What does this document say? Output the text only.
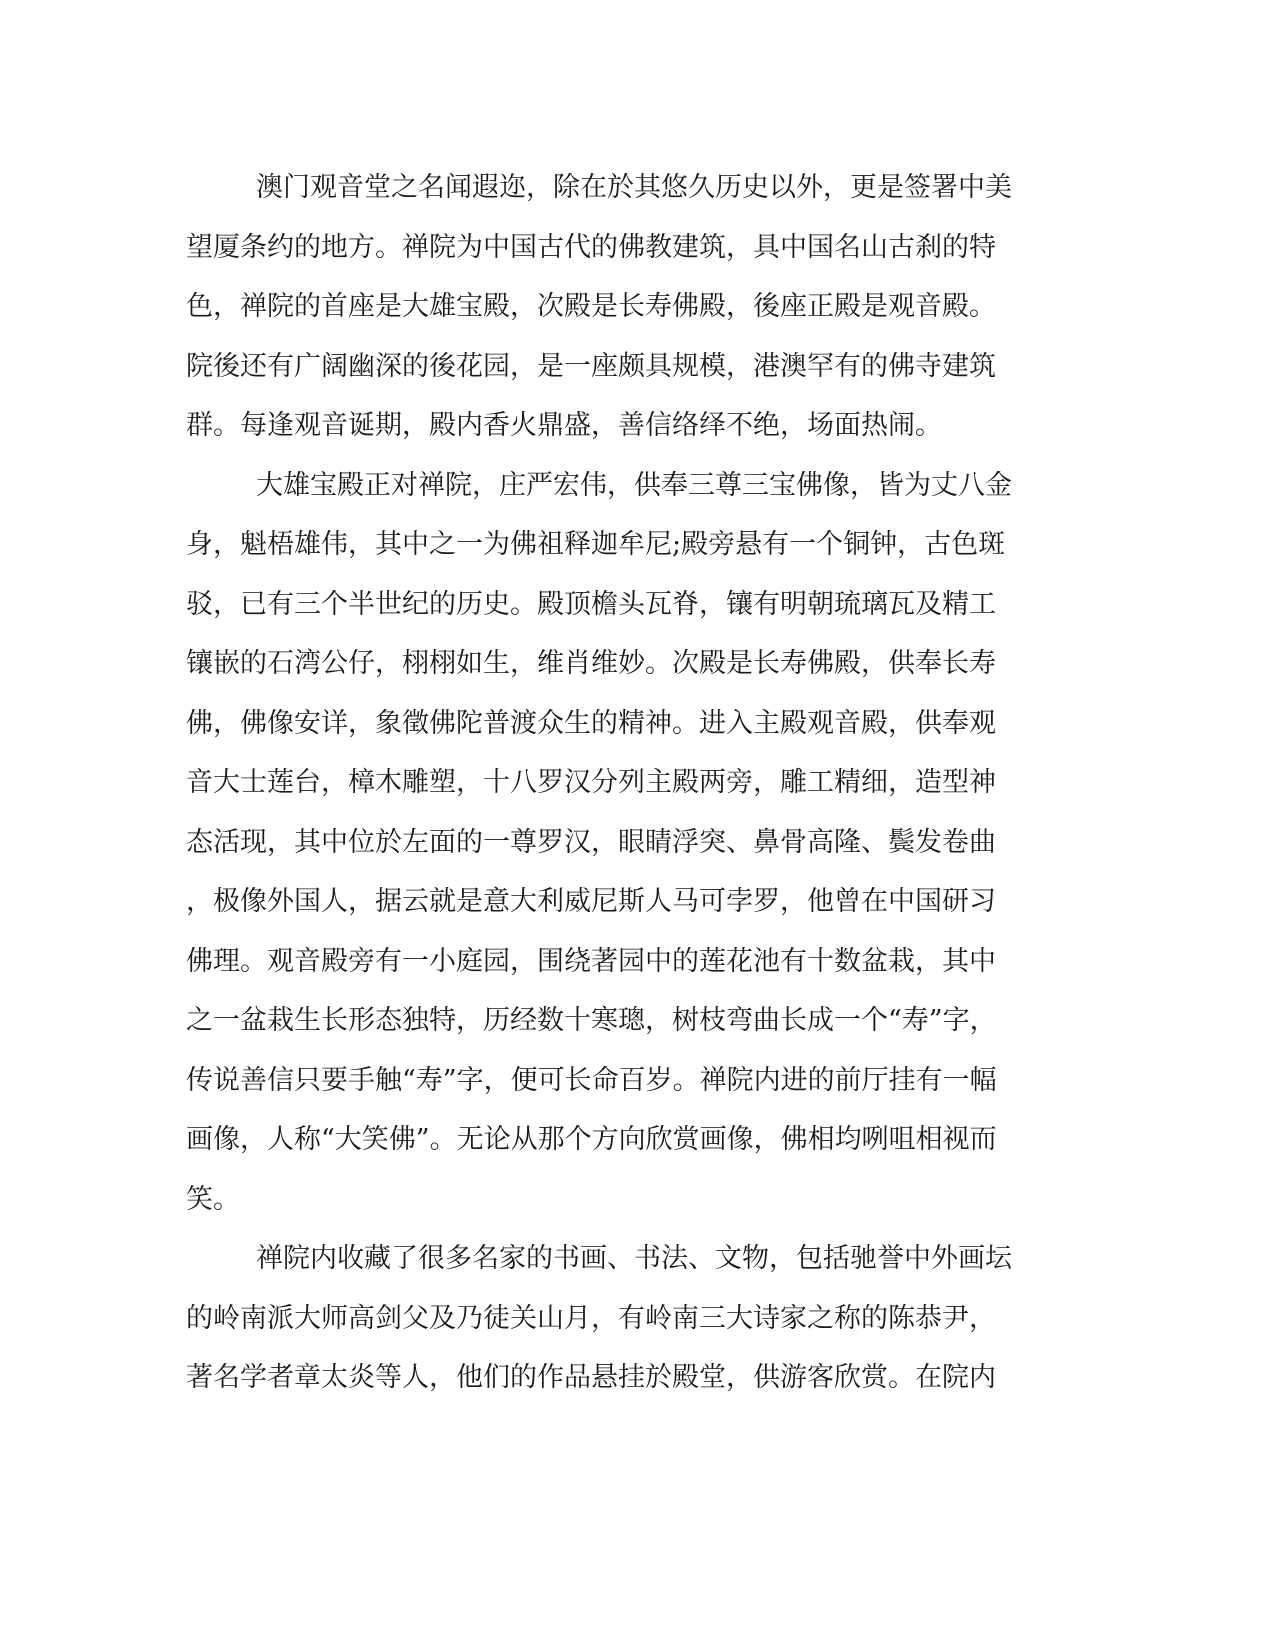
澳门观音堂之名闻遐迩，除在於其悠久历史以外，更是签署中美
望厦条约的地方。禅院为中国古代的佛教建筑，具中国名山古刹的特
色，禅院的首座是大雄宝殿，次殿是长寿佛殿，後座正殿是观音殿。
院後还有广阔幽深的後花园，是一座颇具规模，港澳罕有的佛寺建筑
群。每逢观音诞期，殿内香火鼎盛，善信络绎不绝，场面热闹。
大雄宝殿正对禅院，庄严宏伟，供奉三尊三宝佛像，皆为丈八金
身，魁梧雄伟，其中之一为佛祖释迦牟尼;殿旁悬有一个铜钟，古色斑
驳，已有三个半世纪的历史。殿顶檐头瓦脊，镶有明朝琉璃瓦及精工
镶嵌的石湾公仔，栩栩如生，维肖维妙。次殿是长寿佛殿，供奉长寿
佛，佛像安详，象徵佛陀普渡众生的精神。进入主殿观音殿，供奉观
音大士莲台，樟木雕塑，十八罗汉分列主殿两旁，雕工精细，造型神
态活现，其中位於左面的一尊罗汉，眼睛浮突、鼻骨高隆、鬓发卷曲
，极像外国人，据云就是意大利威尼斯人马可孛罗，他曾在中国研习
佛理。观音殿旁有一小庭园，围绕著园中的莲花池有十数盆栽，其中
之一盆栽生长形态独特，历经数十寒璁，树枝弯曲长成一个“寿”字，
传说善信只要手触“寿”字，便可长命百岁。禅院内进的前厅挂有一幅
画像，人称“大笑佛”。无论从那个方向欣赏画像，佛相均咧咀相视而
笑。
禅院内收藏了很多名家的书画、书法、文物，包括驰誉中外画坛
的岭南派大师高剑父及乃徒关山月，有岭南三大诗家之称的陈恭尹，
著名学者章太炎等人，他们的作品悬挂於殿堂，供游客欣赏。在院内
